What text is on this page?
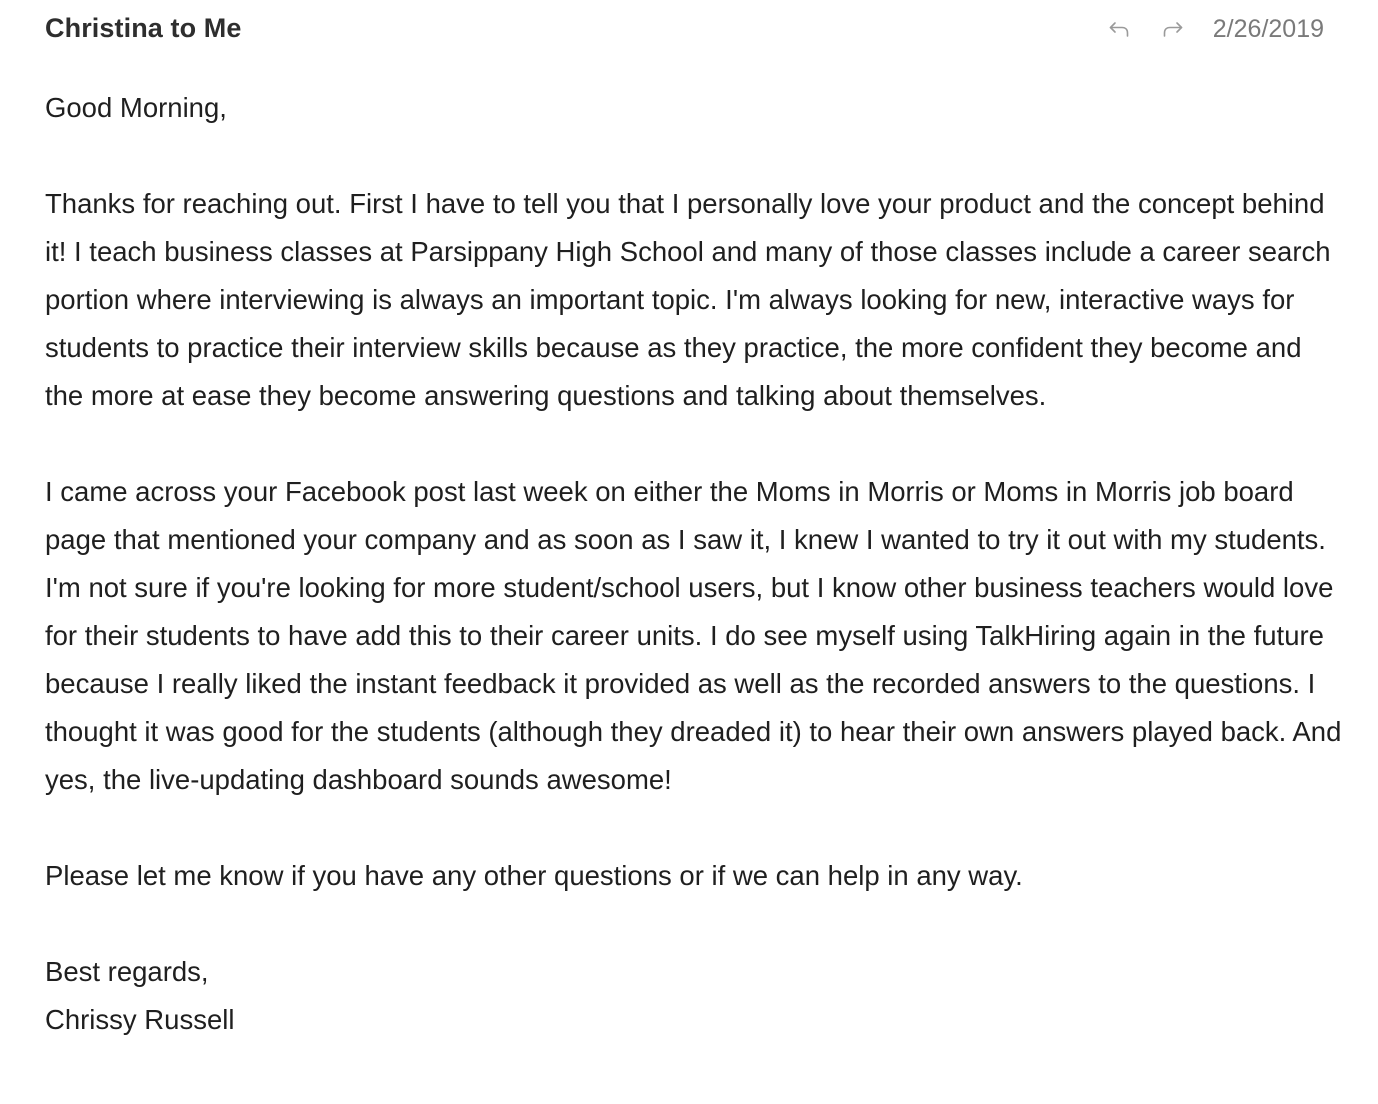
Christina to Me	2/26/2019

Good Morning,

Thanks for reaching out. First I have to tell you that I personally love your product and the concept behind it! I teach business classes at Parsippany High School and many of those classes include a career search portion where interviewing is always an important topic. I'm always looking for new, interactive ways for students to practice their interview skills because as they practice, the more confident they become and the more at ease they become answering questions and talking about themselves.

I came across your Facebook post last week on either the Moms in Morris or Moms in Morris job board page that mentioned your company and as soon as I saw it, I knew I wanted to try it out with my students. I'm not sure if you're looking for more student/school users, but I know other business teachers would love for their students to have add this to their career units. I do see myself using TalkHiring again in the future because I really liked the instant feedback it provided as well as the recorded answers to the questions. I thought it was good for the students (although they dreaded it) to hear their own answers played back. And yes, the live-updating dashboard sounds awesome!

Please let me know if you have any other questions or if we can help in any way.

Best regards,
Chrissy Russell
